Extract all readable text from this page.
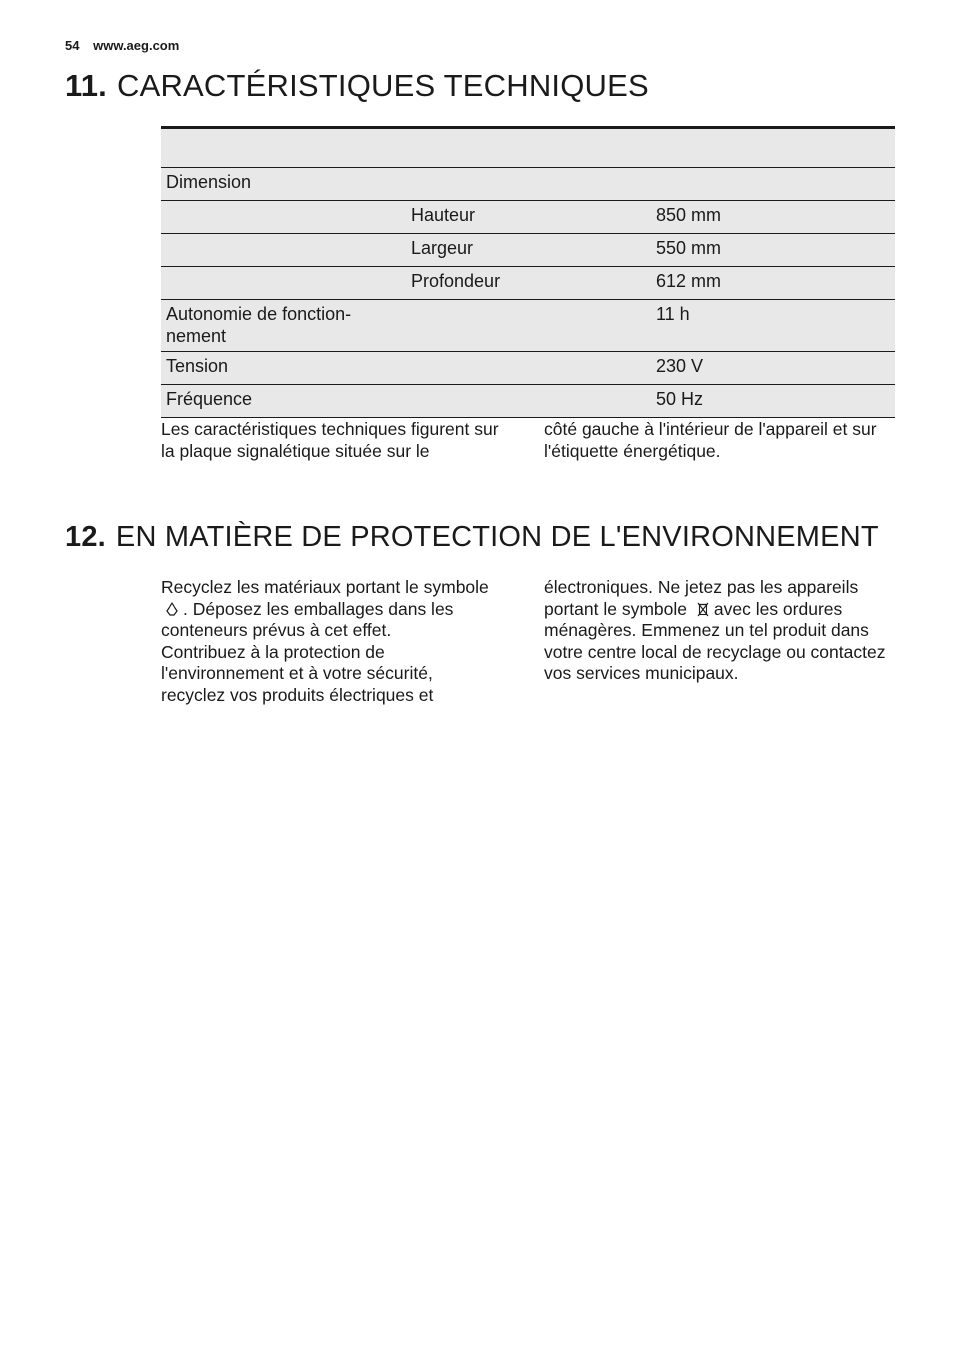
54 www.aeg.com
11. CARACTÉRISTIQUES TECHNIQUES

Dimension		
	Hauteur	850 mm
	Largeur	550 mm
	Profondeur	612 mm
Autonomie de fonction-
nement		11 h
Tension		230 V
Fréquence		50 Hz
Les caractéristiques techniques figurent sur la plaque signalétique située sur le
côté gauche à l'intérieur de l'appareil et sur l'étiquette énergétique.
12. EN MATIÈRE DE PROTECTION DE L'ENVIRONNEMENT

Recyclez les matériaux portant le symbole . Déposez les emballages dans les conteneurs prévus à cet effet.

Contribuez à la protection de l'environnement et à votre sécurité, recyclez vos produits électriques et

électroniques. Ne jetez pas les appareils portant le symbole avec les ordures ménagères. Emmenez un tel produit dans votre centre local de recyclage ou contactez vos services municipaux.
